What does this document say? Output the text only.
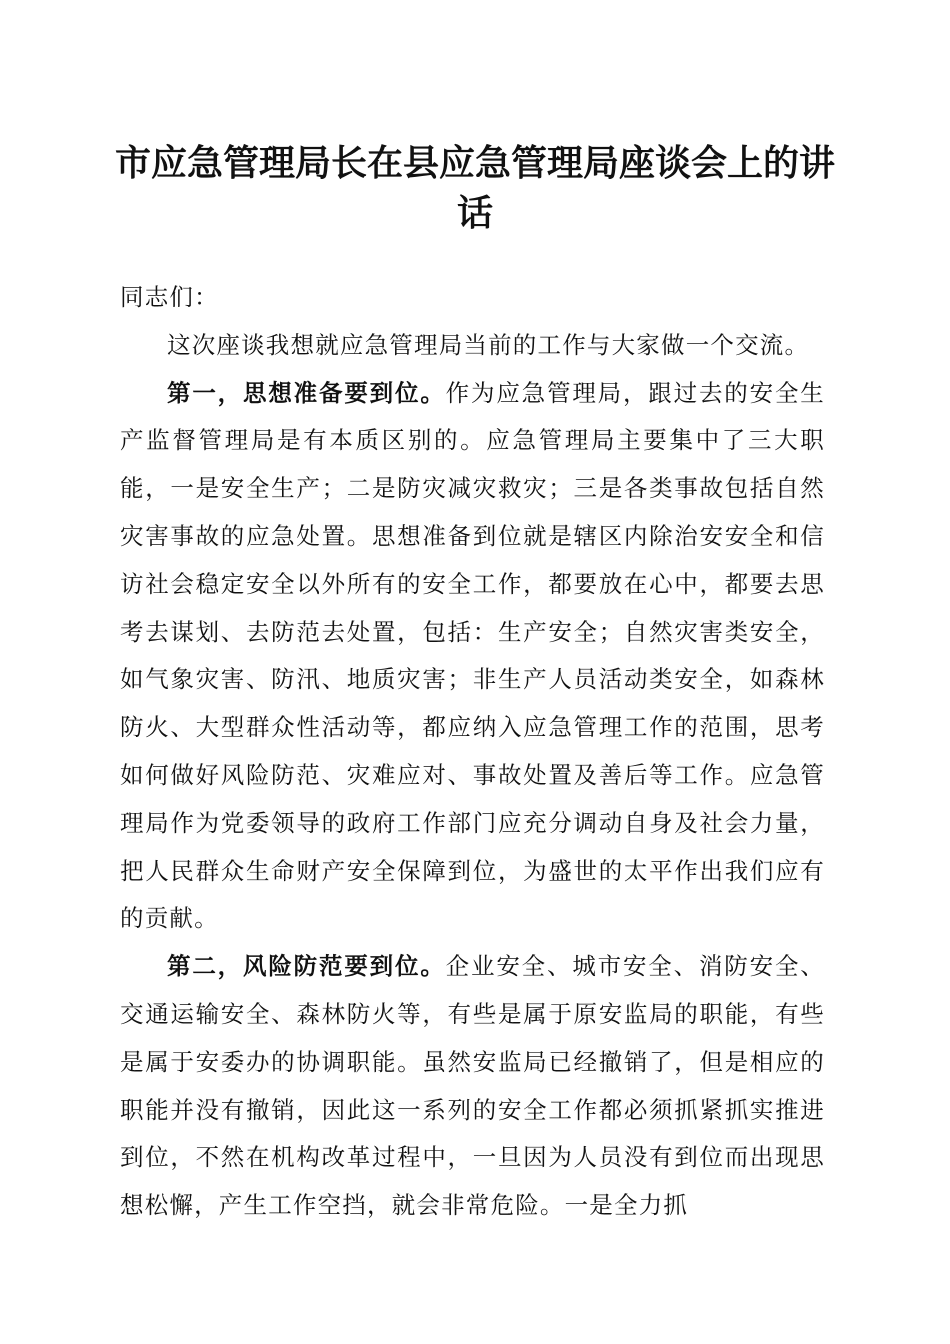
市应急管理局长在县应急管理局座谈会上的讲话

同志们：

这次座谈我想就应急管理局当前的工作与大家做一个交流。

第一，思想准备要到位。作为应急管理局，跟过去的安全生产监督管理局是有本质区别的。应急管理局主要集中了三大职能，一是安全生产；二是防灾减灾救灾；三是各类事故包括自然灾害事故的应急处置。思想准备到位就是辖区内除治安安全和信访社会稳定安全以外所有的安全工作，都要放在心中，都要去思考去谋划、去防范去处置，包括：生产安全；自然灾害类安全，如气象灾害、防汛、地质灾害；非生产人员活动类安全，如森林防火、大型群众性活动等，都应纳入应急管理工作的范围，思考如何做好风险防范、灾难应对、事故处置及善后等工作。应急管理局作为党委领导的政府工作部门应充分调动自身及社会力量，把人民群众生命财产安全保障到位，为盛世的太平作出我们应有的贡献。

第二，风险防范要到位。企业安全、城市安全、消防安全、交通运输安全、森林防火等，有些是属于原安监局的职能，有些是属于安委办的协调职能。虽然安监局已经撤销了，但是相应的职能并没有撤销，因此这一系列的安全工作都必须抓紧抓实推进到位，不然在机构改革过程中，一旦因为人员没有到位而出现思想松懈，产生工作空挡，就会非常危险。一是全力抓
